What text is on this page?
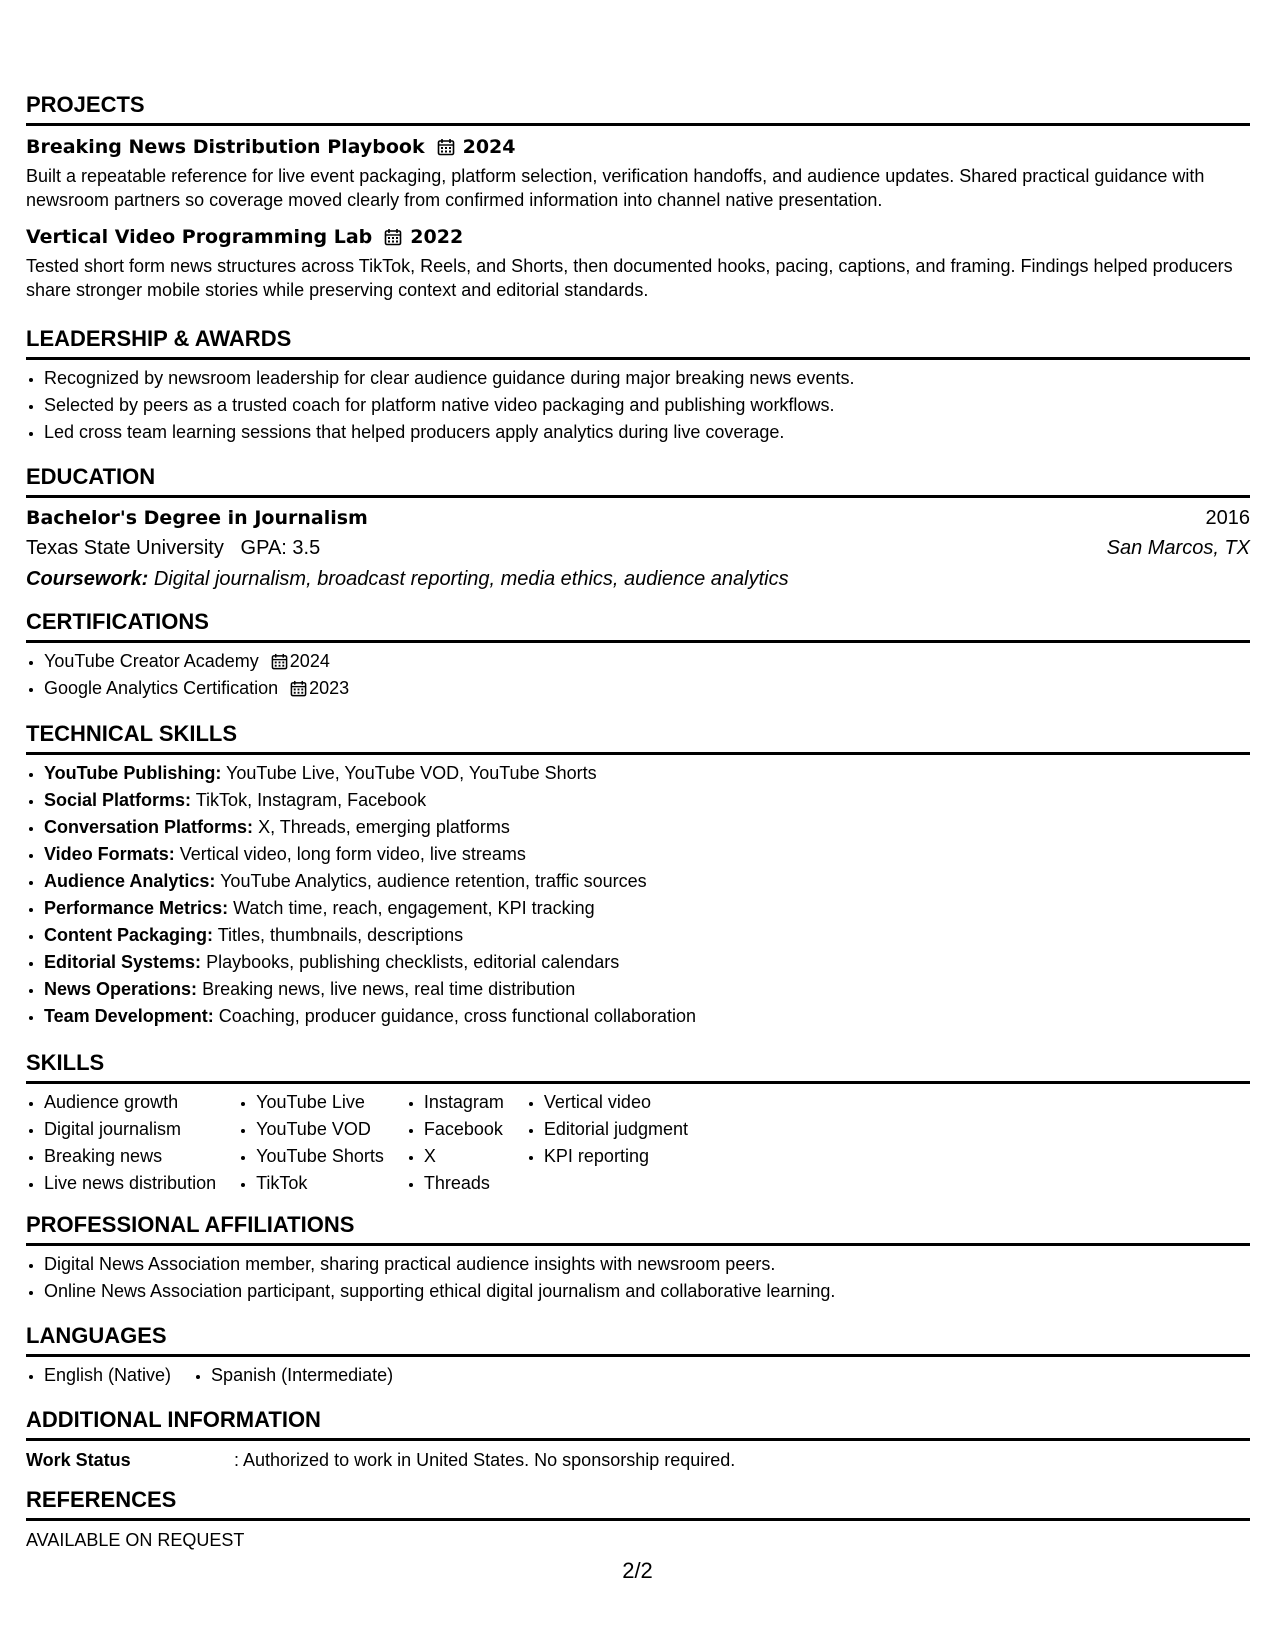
PROJECTS
Breaking News Distribution Playbook 2024
Built a repeatable reference for live event packaging, platform selection, verification handoffs, and audience updates. Shared practical guidance with newsroom partners so coverage moved clearly from confirmed information into channel native presentation.
Vertical Video Programming Lab 2022
Tested short form news structures across TikTok, Reels, and Shorts, then documented hooks, pacing, captions, and framing. Findings helped producers share stronger mobile stories while preserving context and editorial standards.
LEADERSHIP & AWARDS
• Recognized by newsroom leadership for clear audience guidance during major breaking news events.
• Selected by peers as a trusted coach for platform native video packaging and publishing workflows.
• Led cross team learning sessions that helped producers apply analytics during live coverage.
EDUCATION
Bachelor's Degree in Journalism	2016
Texas State University GPA: 3.5	San Marcos, TX
Coursework: Digital journalism, broadcast reporting, media ethics, audience analytics
CERTIFICATIONS
• YouTube Creator Academy 2024
• Google Analytics Certification 2023
TECHNICAL SKILLS
• YouTube Publishing: YouTube Live, YouTube VOD, YouTube Shorts
• Social Platforms: TikTok, Instagram, Facebook
• Conversation Platforms: X, Threads, emerging platforms
• Video Formats: Vertical video, long form video, live streams
• Audience Analytics: YouTube Analytics, audience retention, traffic sources
• Performance Metrics: Watch time, reach, engagement, KPI tracking
• Content Packaging: Titles, thumbnails, descriptions
• Editorial Systems: Playbooks, publishing checklists, editorial calendars
• News Operations: Breaking news, live news, real time distribution
• Team Development: Coaching, producer guidance, cross functional collaboration
SKILLS
• Audience growth
• Digital journalism
• Breaking news
• Live news distribution
• YouTube Live
• YouTube VOD
• YouTube Shorts
• TikTok
• Instagram
• Facebook
• X
• Threads
• Vertical video
• Editorial judgment
• KPI reporting
PROFESSIONAL AFFILIATIONS
• Digital News Association member, sharing practical audience insights with newsroom peers.
• Online News Association participant, supporting ethical digital journalism and collaborative learning.
LANGUAGES
• English (Native)
• Spanish (Intermediate)
ADDITIONAL INFORMATION
Work Status	: Authorized to work in United States. No sponsorship required.
REFERENCES
AVAILABLE ON REQUEST
2/2
